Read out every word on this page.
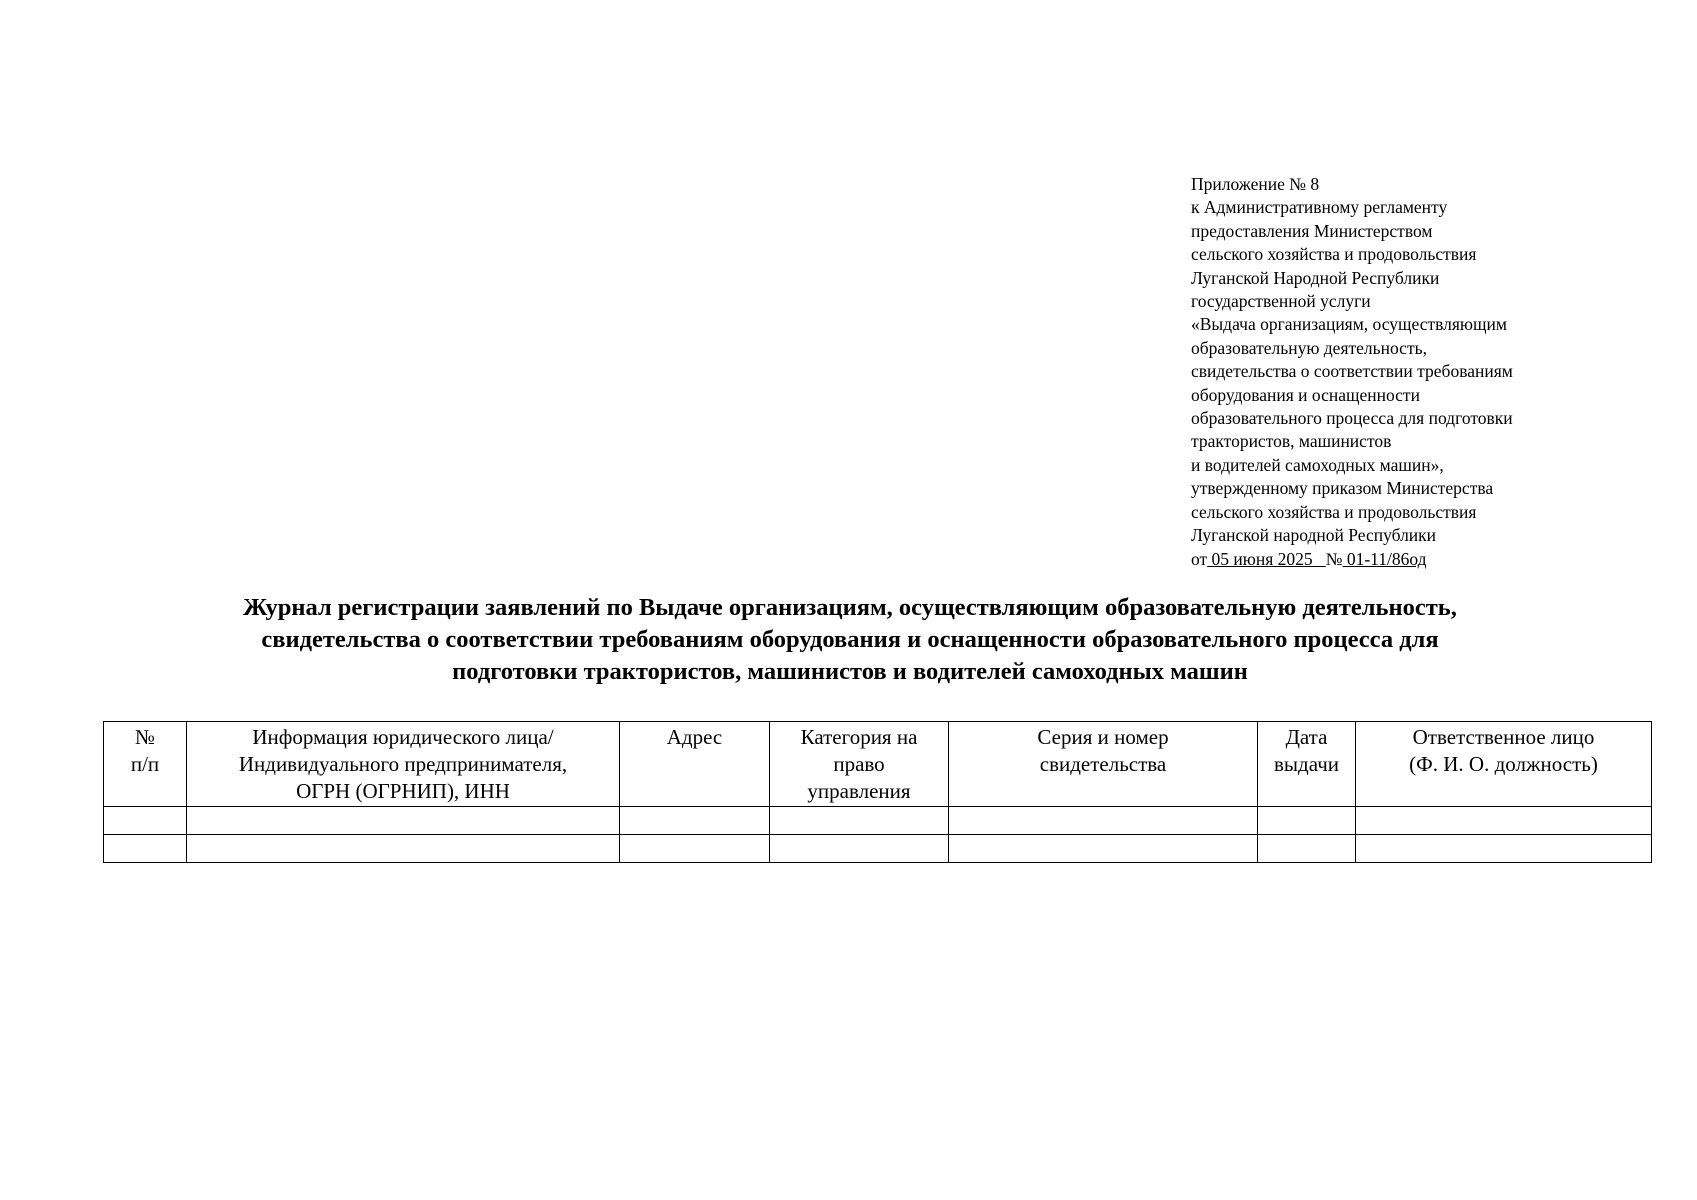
Приложение № 8
к Административному регламенту
предоставления Министерством
сельского хозяйства и продовольствия
Луганской Народной Республики
государственной услуги
«Выдача организациям, осуществляющим
образовательную деятельность,
свидетельства о соответствии требованиям
оборудования и оснащенности
образовательного процесса для подготовки
трактористов, машинистов
и водителей самоходных машин»,
утвержденному приказом Министерства
сельского хозяйства и продовольствия
Луганской народной Республики
от 05 июня 2025   № 01-11/86од
Журнал регистрации заявлений по Выдаче организациям, осуществляющим образовательную деятельность,
свидетельства о соответствии требованиям оборудования и оснащенности образовательного процесса для
подготовки трактористов, машинистов и водителей самоходных машин
№
п/п	Информация юридического лица/
Индивидуального предпринимателя,
ОГРН (ОГРНИП), ИНН	Адрес	Категория на
право
управления	Серия и номер
свидетельства	Дата
выдачи	Ответственное лицо
(Ф. И. О. должность)
